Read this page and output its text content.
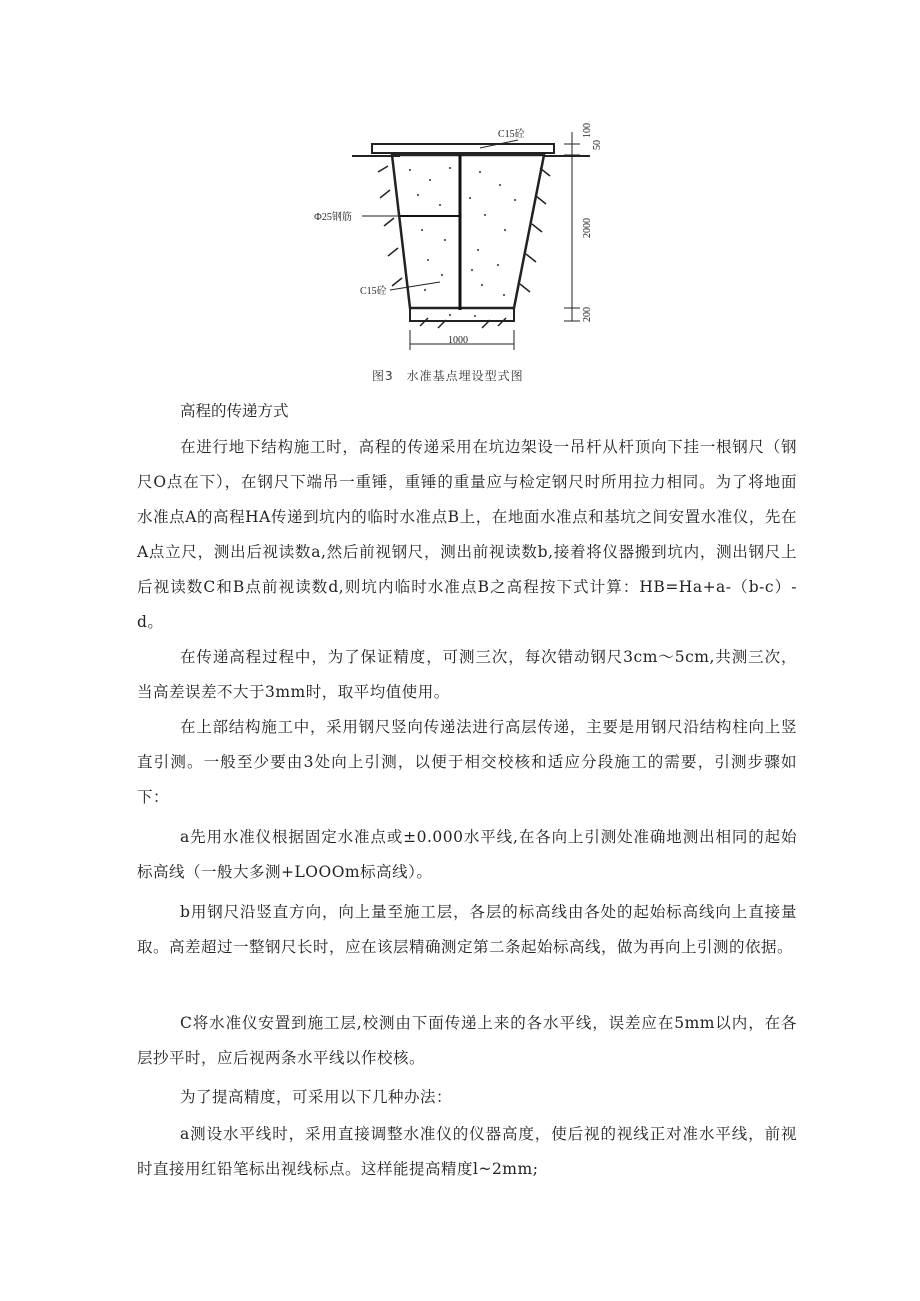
C15砼
Ф25钢筋
C15砼
1000
100
50
2000
200
图3　水准基点埋设型式图
高程的传递方式

在进行地下结构施工时，高程的传递采用在坑边架设一吊杆从杆顶向下挂一根钢尺（钢尺O点在下），在钢尺下端吊一重锤，重锤的重量应与检定钢尺时所用拉力相同。为了将地面水准点A的高程HA传递到坑内的临时水准点B上，在地面水准点和基坑之间安置水准仪，先在A点立尺，测出后视读数a,然后前视钢尺，测出前视读数b,接着将仪器搬到坑内，测出钢尺上后视读数C和B点前视读数d,则坑内临时水准点B之高程按下式计算：HB=Ha+a-（b-c）-d。

在传递高程过程中，为了保证精度，可测三次，每次错动钢尺3cm～5cm,共测三次，当高差误差不大于3mm时，取平均值使用。

在上部结构施工中，采用钢尺竖向传递法进行高层传递，主要是用钢尺沿结构柱向上竖直引测。一般至少要由3处向上引测，以便于相交校核和适应分段施工的需要，引测步骤如下：

a先用水准仪根据固定水准点或±0.000水平线,在各向上引测处准确地测出相同的起始标高线（一般大多测+LOOOm标高线）。

b用钢尺沿竖直方向，向上量至施工层，各层的标高线由各处的起始标高线向上直接量取。高差超过一整钢尺长时，应在该层精确测定第二条起始标高线，做为再向上引测的依据。

C将水准仪安置到施工层,校测由下面传递上来的各水平线，误差应在5mm以内，在各层抄平时，应后视两条水平线以作校核。

为了提高精度，可采用以下几种办法：

a测设水平线时，采用直接调整水准仪的仪器高度，使后视的视线正对准水平线，前视时直接用红铅笔标出视线标点。这样能提高精度l~2mm;
